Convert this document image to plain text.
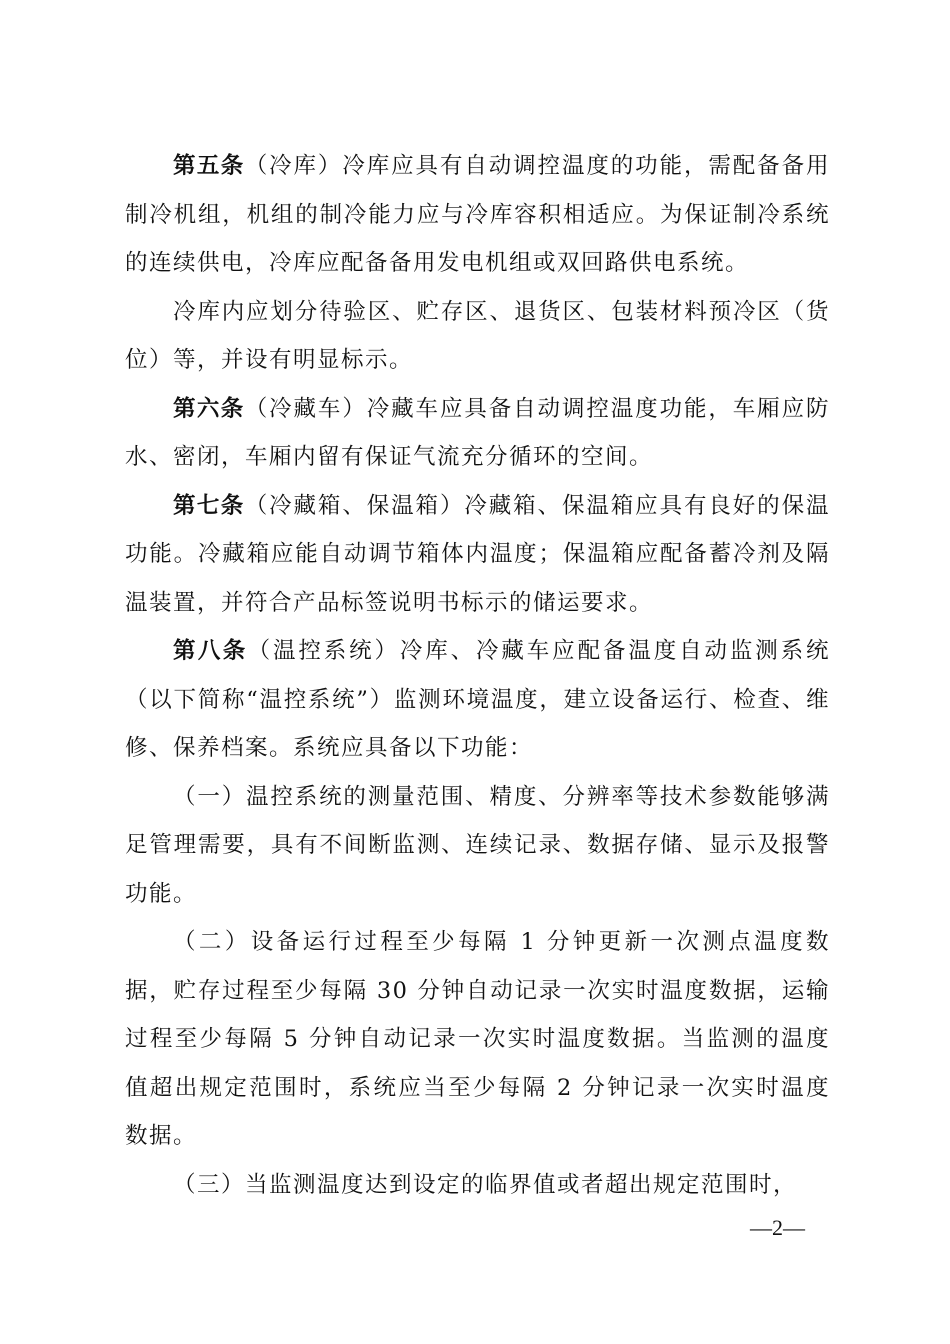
第五条（冷库）冷库应具有自动调控温度的功能，需配备备用制冷机组，机组的制冷能力应与冷库容积相适应。为保证制冷系统的连续供电，冷库应配备备用发电机组或双回路供电系统。

冷库内应划分待验区、贮存区、退货区、包装材料预冷区（货位）等，并设有明显标示。

第六条（冷藏车）冷藏车应具备自动调控温度功能，车厢应防水、密闭，车厢内留有保证气流充分循环的空间。

第七条（冷藏箱、保温箱）冷藏箱、保温箱应具有良好的保温功能。冷藏箱应能自动调节箱体内温度；保温箱应配备蓄冷剂及隔温装置，并符合产品标签说明书标示的储运要求。

第八条（温控系统）冷库、冷藏车应配备温度自动监测系统（以下简称“温控系统”）监测环境温度，建立设备运行、检查、维修、保养档案。系统应具备以下功能：

（一）温控系统的测量范围、精度、分辨率等技术参数能够满足管理需要，具有不间断监测、连续记录、数据存储、显示及报警功能。

（二）设备运行过程至少每隔 1 分钟更新一次测点温度数据，贮存过程至少每隔 30 分钟自动记录一次实时温度数据，运输过程至少每隔 5 分钟自动记录一次实时温度数据。当监测的温度值超出规定范围时，系统应当至少每隔 2 分钟记录一次实时温度数据。

（三）当监测温度达到设定的临界值或者超出规定范围时，

—2—
